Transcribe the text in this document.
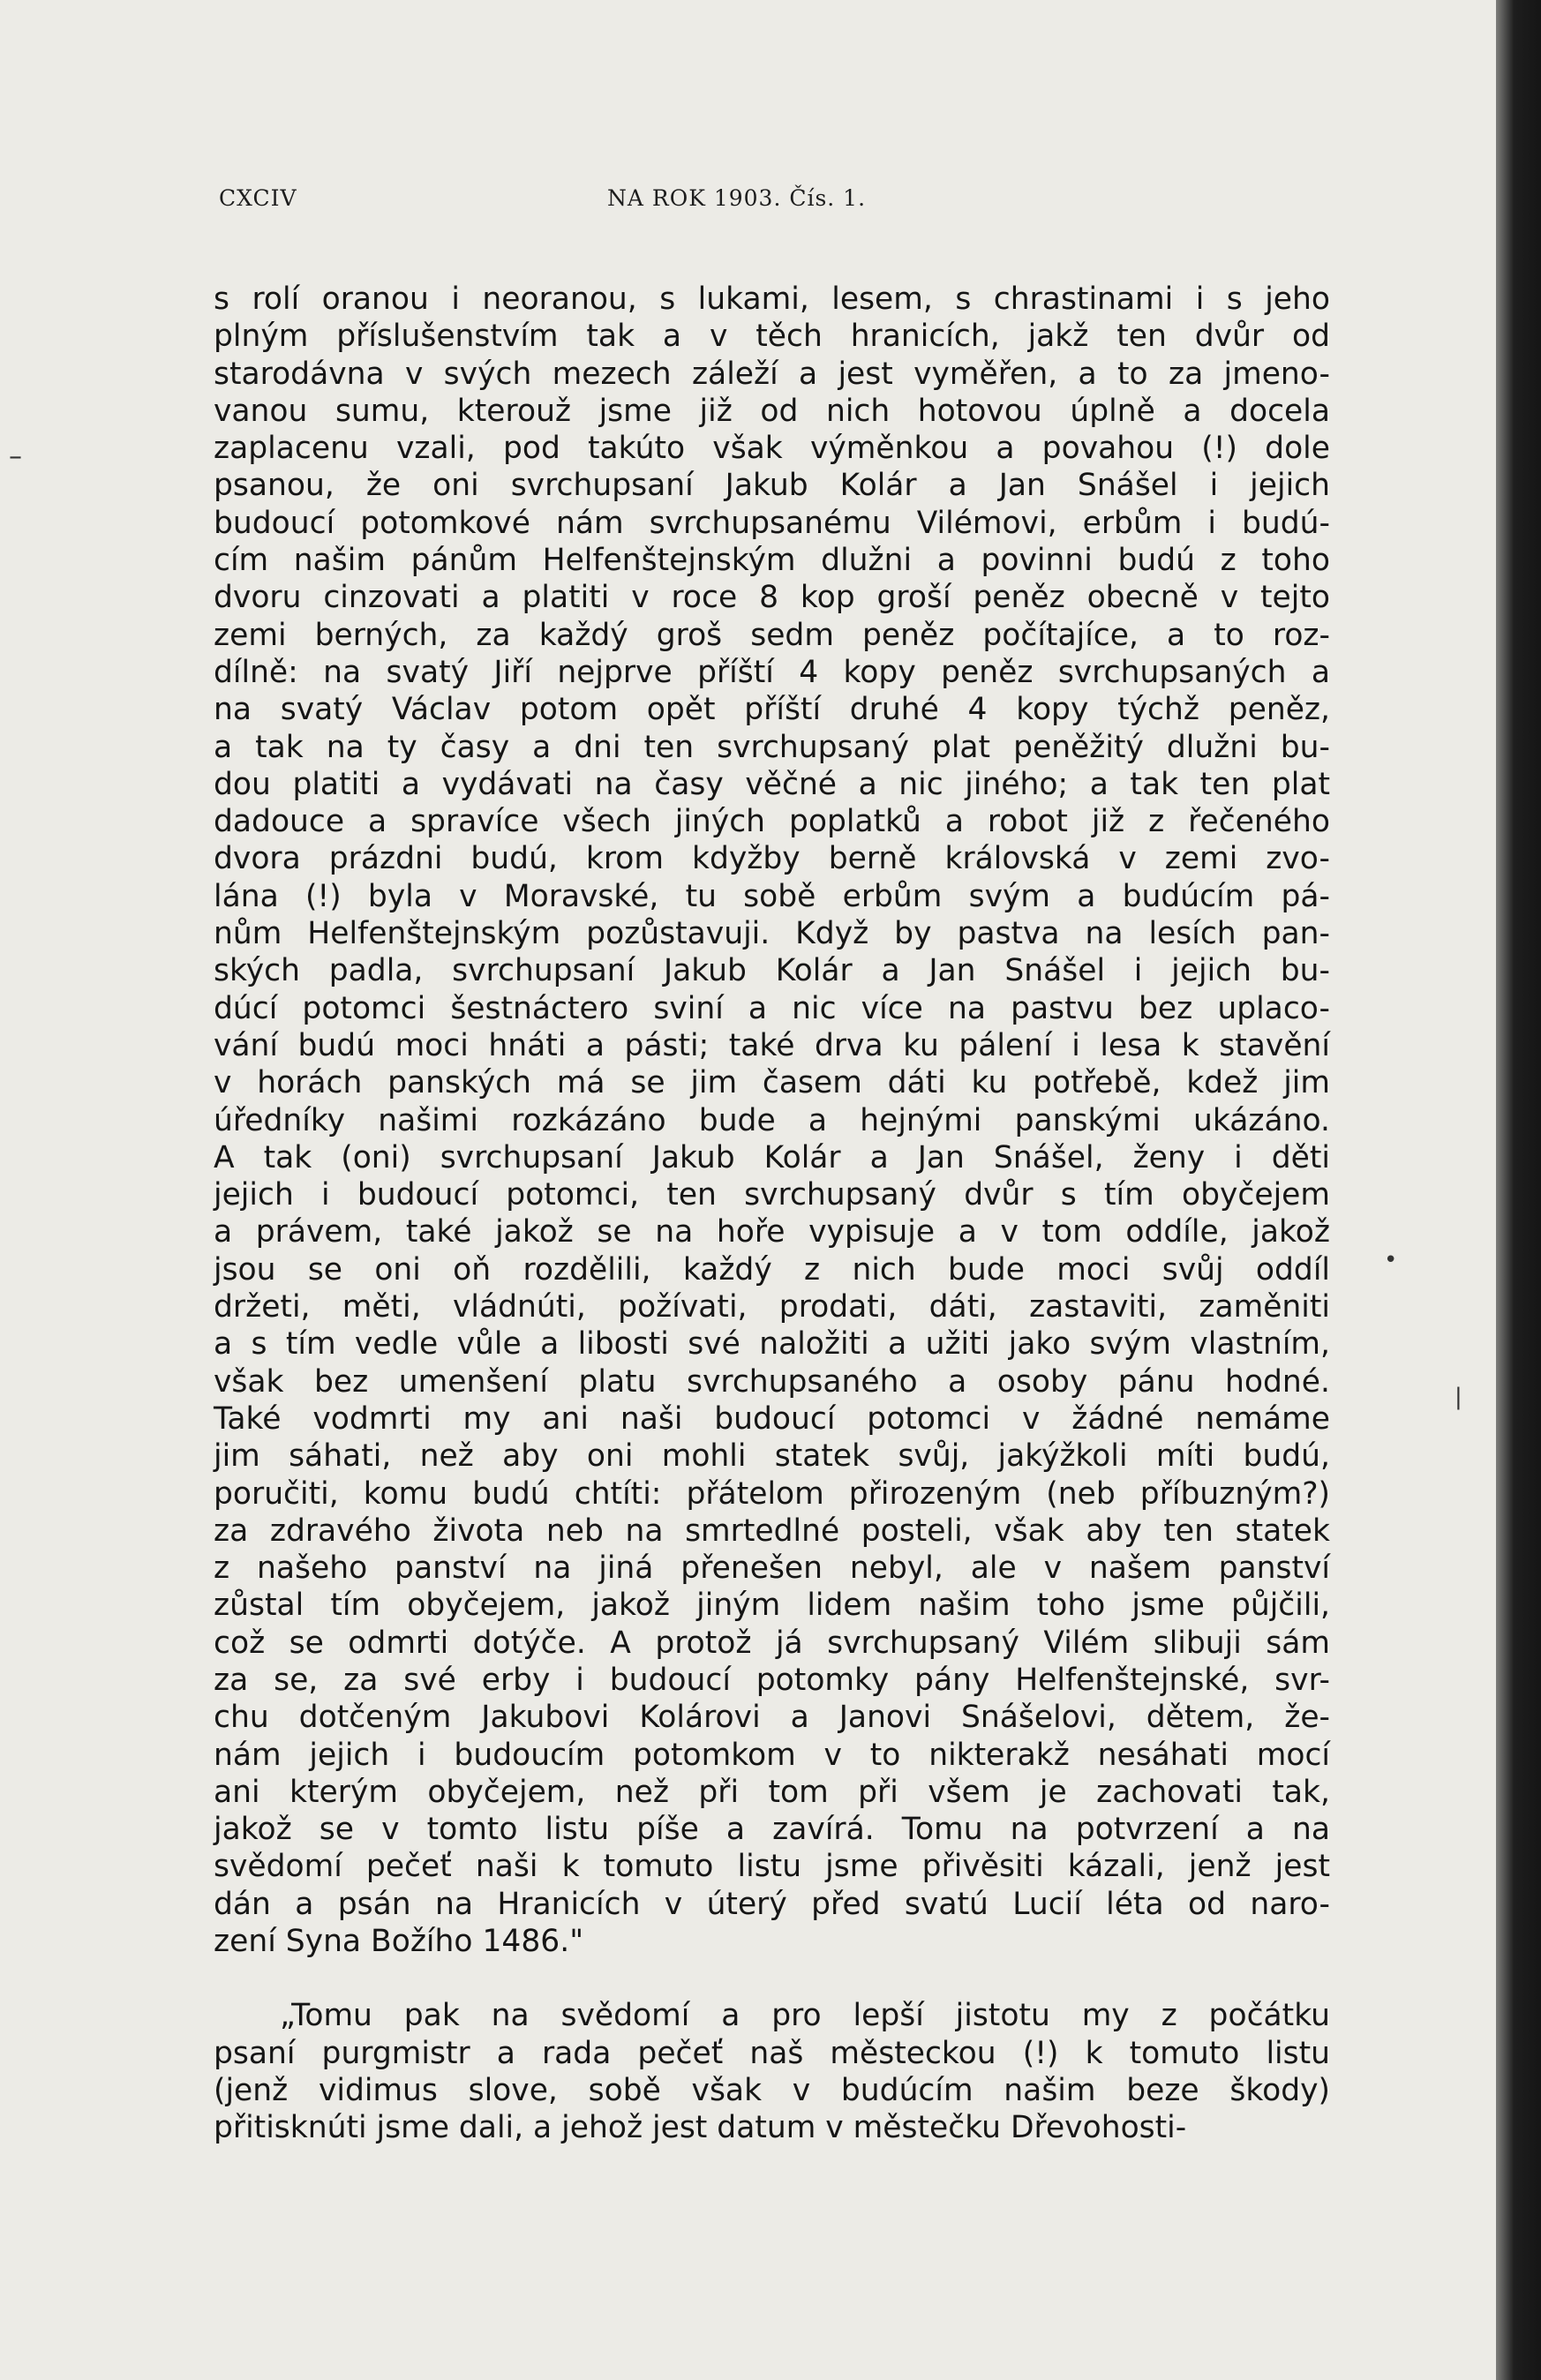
CXCIV	NA ROK 1903. Čís. 1.

s rolí oranou i neoranou, s lukami, lesem, s chrastinami i s jeho
plným příslušenstvím tak a v těch hranicích, jakž ten dvůr od
starodávna v svých mezech záleží a jest vyměřen, a to za jmeno-
vanou sumu, kterouž jsme již od nich hotovou úplně a docela
zaplacenu vzali, pod takúto však výměnkou a povahou (!) dole
psanou, že oni svrchupsaní Jakub Kolár a Jan Snášel i jejich
budoucí potomkové nám svrchupsanému Vilémovi, erbům i budú-
cím našim pánům Helfenštejnským dlužni a povinni budú z toho
dvoru cinzovati a platiti v roce 8 kop groší peněz obecně v tejto
zemi berných, za každý groš sedm peněz počítajíce, a to roz-
dílně: na svatý Jiří nejprve příští 4 kopy peněz svrchupsaných a
na svatý Václav potom opět příští druhé 4 kopy týchž peněz,
a tak na ty časy a dni ten svrchupsaný plat peněžitý dlužni bu-
dou platiti a vydávati na časy věčné a nic jiného; a tak ten plat
dadouce a spravíce všech jiných poplatků a robot již z řečeného
dvora prázdni budú, krom kdyžby berně královská v zemi zvo-
lána (!) byla v Moravské, tu sobě erbům svým a budúcím pá-
nům Helfenštejnským pozůstavuji. Když by pastva na lesích pan-
ských padla, svrchupsaní Jakub Kolár a Jan Snášel i jejich bu-
dúcí potomci šestnáctero sviní a nic více na pastvu bez uplaco-
vání budú moci hnáti a pásti; také drva ku pálení i lesa k stavění
v horách panských má se jim časem dáti ku potřebě, kdež jim
úředníky našimi rozkázáno bude a hejnými panskými ukázáno.
A tak (oni) svrchupsaní Jakub Kolár a Jan Snášel, ženy i děti
jejich i budoucí potomci, ten svrchupsaný dvůr s tím obyčejem
a právem, také jakož se na hoře vypisuje a v tom oddíle, jakož
jsou se oni oň rozdělili, každý z nich bude moci svůj oddíl
držeti, měti, vládnúti, požívati, prodati, dáti, zastaviti, zaměniti
a s tím vedle vůle a libosti své naložiti a užiti jako svým vlastním,
však bez umenšení platu svrchupsaného a osoby pánu hodné.
Také vodmrti my ani naši budoucí potomci v žádné nemáme
jim sáhati, než aby oni mohli statek svůj, jakýžkoli míti budú,
poručiti, komu budú chtíti: přátelom přirozeným (neb příbuzným?)
za zdravého života neb na smrtedlné posteli, však aby ten statek
z našeho panství na jiná přenešen nebyl, ale v našem panství
zůstal tím obyčejem, jakož jiným lidem našim toho jsme půjčili,
což se odmrti dotýče. A protož já svrchupsaný Vilém slibuji sám
za se, za své erby i budoucí potomky pány Helfenštejnské, svr-
chu dotčeným Jakubovi Kolárovi a Janovi Snášelovi, dětem, že-
nám jejich i budoucím potomkom v to nikterakž nesáhati mocí
ani kterým obyčejem, než při tom při všem je zachovati tak,
jakož se v tomto listu píše a zavírá. Tomu na potvrzení a na
svědomí pečeť naši k tomuto listu jsme přivěsiti kázali, jenž jest
dán a psán na Hranicích v úterý před svatú Lucií léta od naro-
zení Syna Božího 1486."

„Tomu pak na svědomí a pro lepší jistotu my z počátku
psaní purgmistr a rada pečeť naš městeckou (!) k tomuto listu
(jenž vidimus slove, sobě však v budúcím našim beze škody)
přitisknúti jsme dali, a jehož jest datum v městečku Dřevohosti-

–
•
|
